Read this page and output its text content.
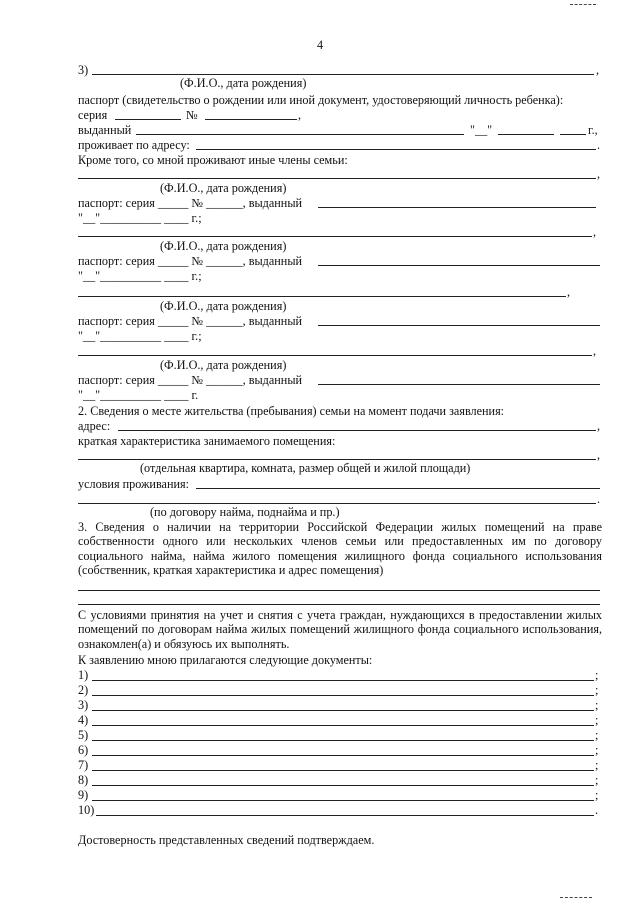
4
3)	,
(Ф.И.О., дата рождения)
паспорт (свидетельство о рождении или иной документ, удостоверяющий личность ребенка):
серия	№	,
выданный	"__"	г.,
проживает по адресу:	.
Кроме того, со мной проживают иные члены семьи:
,
(Ф.И.О., дата рождения)
паспорт: серия _____ № ______, выданный
"__"__________ ____ г.;
,
(Ф.И.О., дата рождения)
паспорт: серия _____ № ______, выданный
"__"__________ ____ г.;
,
(Ф.И.О., дата рождения)
паспорт: серия _____ № ______, выданный
"__"__________ ____ г.;
,
(Ф.И.О., дата рождения)
паспорт: серия _____ № ______, выданный
"__"__________ ____ г.
2. Сведения о месте жительства (пребывания) семьи на момент подачи заявления:
адрес:	,
краткая характеристика занимаемого помещения:
,
(отдельная квартира, комната, размер общей и жилой площади)
условия проживания:
.
(по договору найма, поднайма и пр.)
3. Сведения о наличии на территории Российской Федерации жилых помещений на праве собственности одного или нескольких членов семьи или предоставленных им по договору социального найма, найма жилого помещения жилищного фонда социального использования (собственник, краткая характеристика и адрес помещения)
С условиями принятия на учет и снятия с учета граждан, нуждающихся в предоставлении жилых помещений по договорам найма жилых помещений жилищного фонда социального использования, ознакомлен(а) и обязуюсь их выполнять.
К заявлению мною прилагаются следующие документы:
1)	;
2)	;
3)	;
4)	;
5)	;
6)	;
7)	;
8)	;
9)	;
10)	.
Достоверность представленных сведений подтверждаем.
